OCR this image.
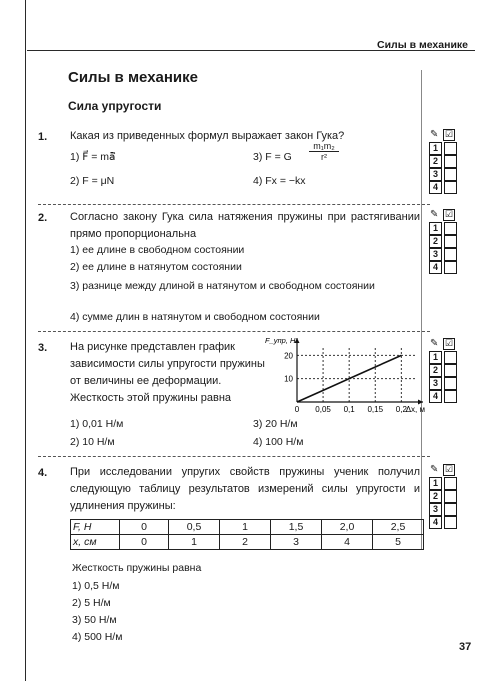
Силы в механике
Силы в механике
Сила упругости
1. Какая из приведенных формул выражает закон Гука?
1) F⃗ = mā⃗
2) F = μN
3) F = G $\frac{\text{m₁m₂}}{\text{r²}}$
4) Fx = −kx
✎ ☑
1
2
3
4
2. Согласно закону Гука сила натяжения пружины при растягивании прямо пропорциональна
1) ее длине в свободном состоянии
2) ее длине в натянутом состоянии
3) разнице между длиной в натянутом и свободном состоянии
4) сумме длин в натянутом и свободном состоянии
✎ ☑
1
2
3
4
3. На рисунке представлен график зависимости силы упругости пружины от величины ее деформации. Жесткость этой пружины равна
1) 0,01 Н/м
2) 10 Н/м
3) 20 Н/м
4) 100 Н/м
0 0,05 0,1 0,15 0,2
10
20
F_упр, Н
Δx, м
✎ ☑
1
2
3
4
4. При исследовании упругих свойств пружины ученик получил следующую таблицу результатов измерений силы упругости и удлинения пружины:
F, Н	0	0,5	1	1,5	2,0	2,5
x, см	0	1	2	3	4	5
Жесткость пружины равна
1) 0,5 Н/м
2) 5 Н/м
3) 50 Н/м
4) 500 Н/м
✎ ☑
1
2
3
4
37
